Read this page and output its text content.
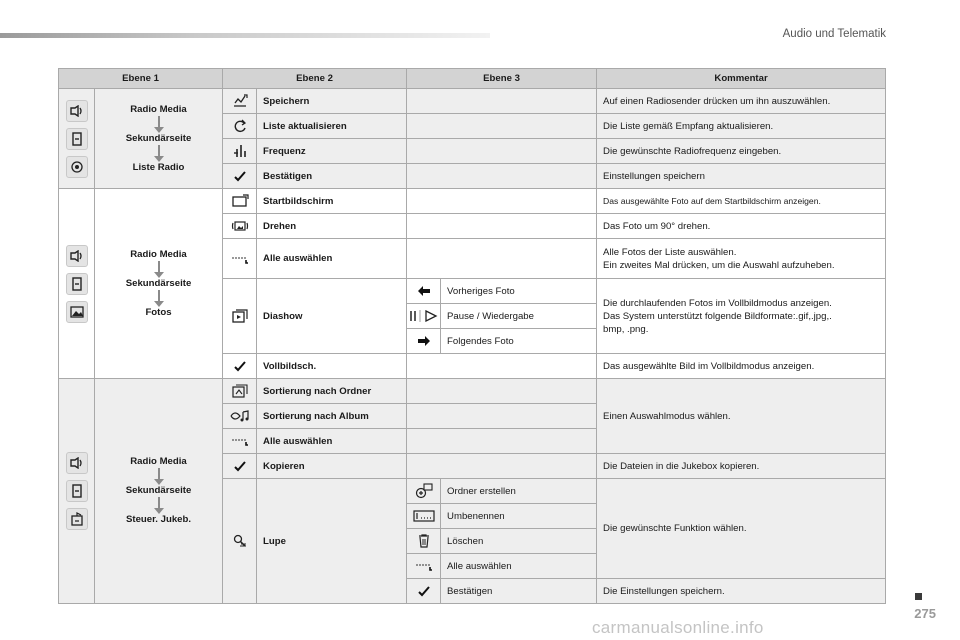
Audio und Telematik
275
carmanualsonline.info
Ebene 1		Ebene 2		Ebene 3		Kommentar

Radio Media
Sekundärseite
Liste Radio		Speichern			Auf einen Radiosender drücken um ihn auszuwählen.

	Liste aktualisieren			Die Liste gemäß Empfang aktualisieren.

	Frequenz			Die gewünschte Radiofrequenz eingeben.

	Bestätigen			Einstellungen speichern

Radio Media
Sekundärseite
Fotos		Startbildschirm			Das ausgewählte Foto auf dem Startbildschirm anzeigen.

	Drehen			Das Foto um 90° drehen.

	Alle auswählen			Alle Fotos der Liste auswählen.
Ein zweites Mal drücken, um die Auswahl aufzuheben.

	Diashow		Vorheriges Foto	Die durchlaufenden Fotos im Vollbildmodus anzeigen.
Das System unterstützt folgende Bildformate:.gif,.jpg,.
bmp, .png.

	Pause / Wiedergabe	

	Folgendes Foto	

	Vollbildsch.			Das ausgewählte Bild im Vollbildmodus anzeigen.

Radio Media
Sekundärseite
Steuer. Jukeb.		Sortierung nach Ordner			Einen Auswahlmodus wählen.

	Sortierung nach Album			

	Alle auswählen			

	Kopieren			Die Dateien in die Jukebox kopieren.

	Lupe		Ordner erstellen	Die gewünschte Funktion wählen.

	Umbenennen	

	Löschen	

	Alle auswählen	

	Bestätigen	Die Einstellungen speichern.
